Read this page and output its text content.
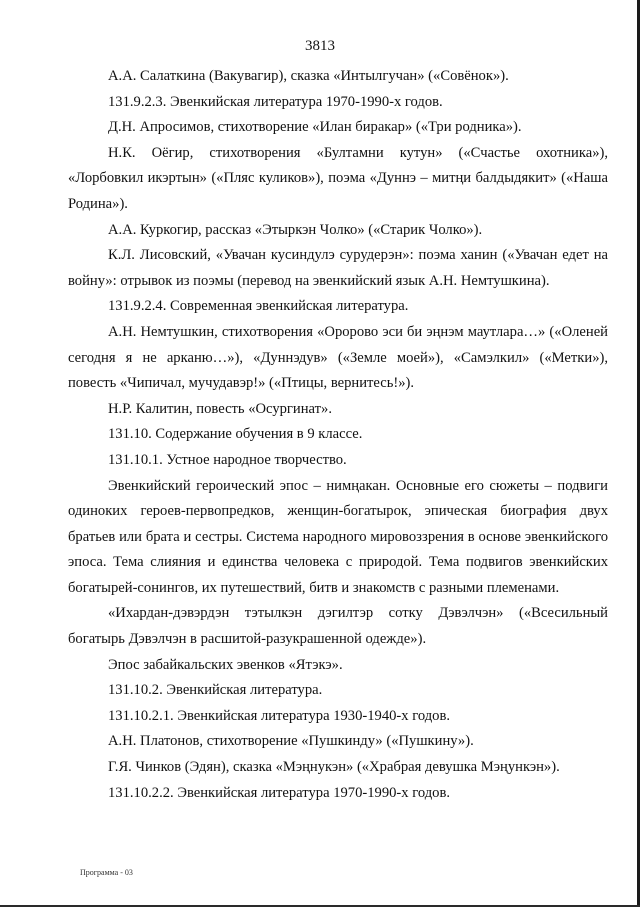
3813

А.А. Салаткина (Вакувагир), сказка «Интылгучан» («Совёнок»).

131.9.2.3. Эвенкийская литература 1970-1990-х годов.

Д.Н. Апросимов, стихотворение «Илан биракар» («Три родника»).

Н.К. Оёгир, стихотворения «Бултамни кутун» («Счастье охотника»), «Лорбовкил икэртын» («Пляс куликов»), поэма «Дуннэ – митңи балдыдякит» («Наша Родина»).

А.А. Куркогир, рассказ «Этыркэн Чолко» («Старик Чолко»).

К.Л. Лисовский, «Увачан кусиндулэ сурудерэн»: поэма ханин («Увачан едет на войну»: отрывок из поэмы (перевод на эвенкийский язык А.Н. Немтушкина).

131.9.2.4. Современная эвенкийская литература.

А.Н. Немтушкин, стихотворения «Оророво эси би эңнэм маутлара…» («Оленей сегодня я не арканю…»), «Дуннэдув» («Земле моей»), «Самэлкил» («Метки»), повесть «Чипичал, мучудавэр!» («Птицы, вернитесь!»).

Н.Р. Калитин, повесть «Осургинат».

131.10. Содержание обучения в 9 классе.

131.10.1. Устное народное творчество.

Эвенкийский героический эпос – нимңакан. Основные его сюжеты – подвиги одиноких героев-первопредков, женщин-богатырок, эпическая биография двух братьев или брата и сестры. Система народного мировоззрения в основе эвенкийского эпоса. Тема слияния и единства человека с природой. Тема подвигов эвенкийских богатырей-сонингов, их путешествий, битв и знакомств с разными племенами.

«Ихардан-дэвэрдэн тэтылкэн дэгилтэр сотку Дэвэлчэн» («Всесильный богатырь Дэвэлчэн в расшитой-разукрашенной одежде»).

Эпос забайкальских эвенков «Ятэкэ».

131.10.2. Эвенкийская литература.

131.10.2.1. Эвенкийская литература 1930-1940-х годов.

А.Н. Платонов, стихотворение «Пушкинду» («Пушкину»).

Г.Я. Чинков (Эдян), сказка «Мэңнукэн» («Храбрая девушка Мэңункэн»).

131.10.2.2. Эвенкийская литература 1970-1990-х годов.

Программа - 03
